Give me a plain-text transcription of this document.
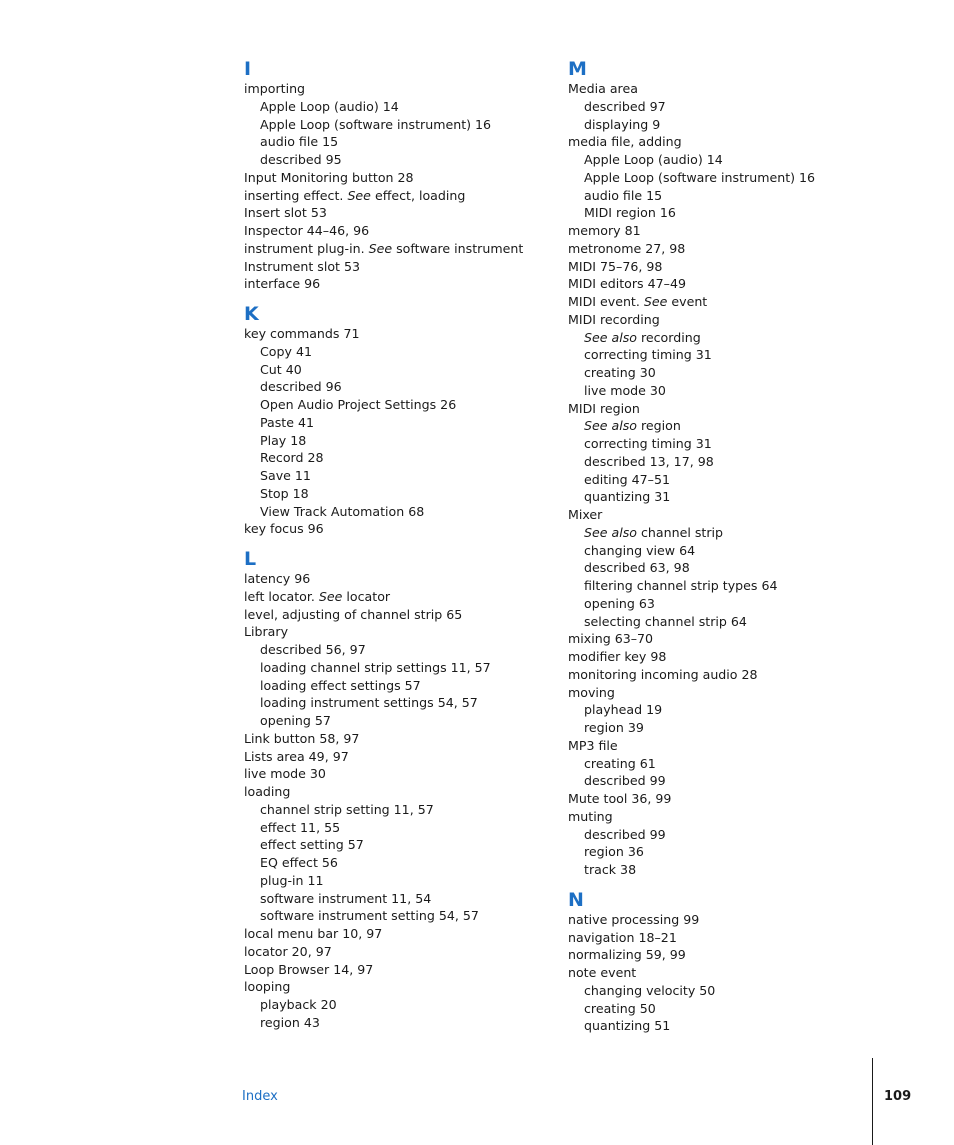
I
importing
Apple Loop (audio) 14
Apple Loop (software instrument) 16
audio file 15
described 95
Input Monitoring button 28
inserting effect. See effect, loading
Insert slot 53
Inspector 44–46, 96
instrument plug-in. See software instrument
Instrument slot 53
interface 96
K
key commands 71
Copy 41
Cut 40
described 96
Open Audio Project Settings 26
Paste 41
Play 18
Record 28
Save 11
Stop 18
View Track Automation 68
key focus 96
L
latency 96
left locator. See locator
level, adjusting of channel strip 65
Library
described 56, 97
loading channel strip settings 11, 57
loading effect settings 57
loading instrument settings 54, 57
opening 57
Link button 58, 97
Lists area 49, 97
live mode 30
loading
channel strip setting 11, 57
effect 11, 55
effect setting 57
EQ effect 56
plug-in 11
software instrument 11, 54
software instrument setting 54, 57
local menu bar 10, 97
locator 20, 97
Loop Browser 14, 97
looping
playback 20
region 43
M
Media area
described 97
displaying 9
media file, adding
Apple Loop (audio) 14
Apple Loop (software instrument) 16
audio file 15
MIDI region 16
memory 81
metronome 27, 98
MIDI 75–76, 98
MIDI editors 47–49
MIDI event. See event
MIDI recording
See also recording
correcting timing 31
creating 30
live mode 30
MIDI region
See also region
correcting timing 31
described 13, 17, 98
editing 47–51
quantizing 31
Mixer
See also channel strip
changing view 64
described 63, 98
filtering channel strip types 64
opening 63
selecting channel strip 64
mixing 63–70
modifier key 98
monitoring incoming audio 28
moving
playhead 19
region 39
MP3 file
creating 61
described 99
Mute tool 36, 99
muting
described 99
region 36
track 38
N
native processing 99
navigation 18–21
normalizing 59, 99
note event
changing velocity 50
creating 50
quantizing 51
Index	109
